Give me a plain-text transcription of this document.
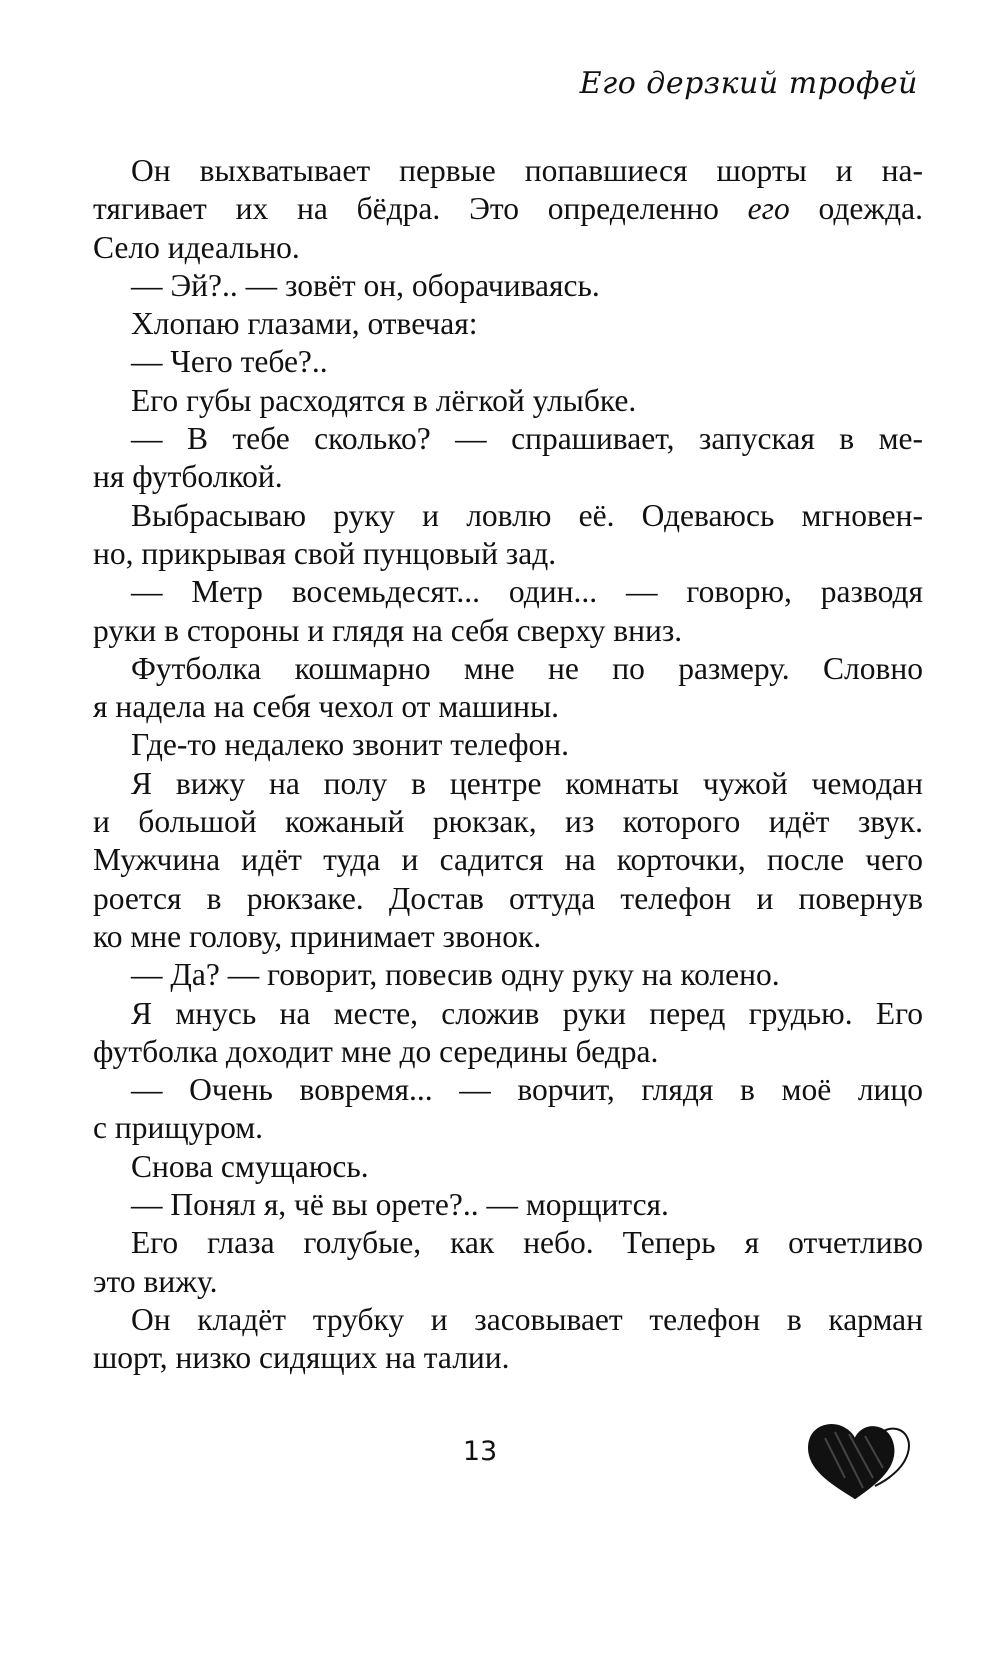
Его дерзкий трофей
Он выхватывает первые попавшиеся шорты и на-
тягивает их на бёдра. Это определенно его одежда.
Село идеально.
— Эй?.. — зовёт он, оборачиваясь.
Хлопаю глазами, отвечая:
— Чего тебе?..
Его губы расходятся в лёгкой улыбке.
— В тебе сколько? — спрашивает, запуская в ме-
ня футболкой.
Выбрасываю руку и ловлю её. Одеваюсь мгновен-
но, прикрывая свой пунцовый зад.
— Метр восемьдесят... один... — говорю, разводя
руки в стороны и глядя на себя сверху вниз.
Футболка кошмарно мне не по размеру. Словно
я надела на себя чехол от машины.
Где-то недалеко звонит телефон.
Я вижу на полу в центре комнаты чужой чемодан
и большой кожаный рюкзак, из которого идёт звук.
Мужчина идёт туда и садится на корточки, после чего
роется в рюкзаке. Достав оттуда телефон и повернув
ко мне голову, принимает звонок.
— Да? — говорит, повесив одну руку на колено.
Я мнусь на месте, сложив руки перед грудью. Его
футболка доходит мне до середины бедра.
— Очень вовремя... — ворчит, глядя в моё лицо
с прищуром.
Снова смущаюсь.
— Понял я, чё вы орете?.. — морщится.
Его глаза голубые, как небо. Теперь я отчетливо
это вижу.
Он кладёт трубку и засовывает телефон в карман
шорт, низко сидящих на талии.
13
